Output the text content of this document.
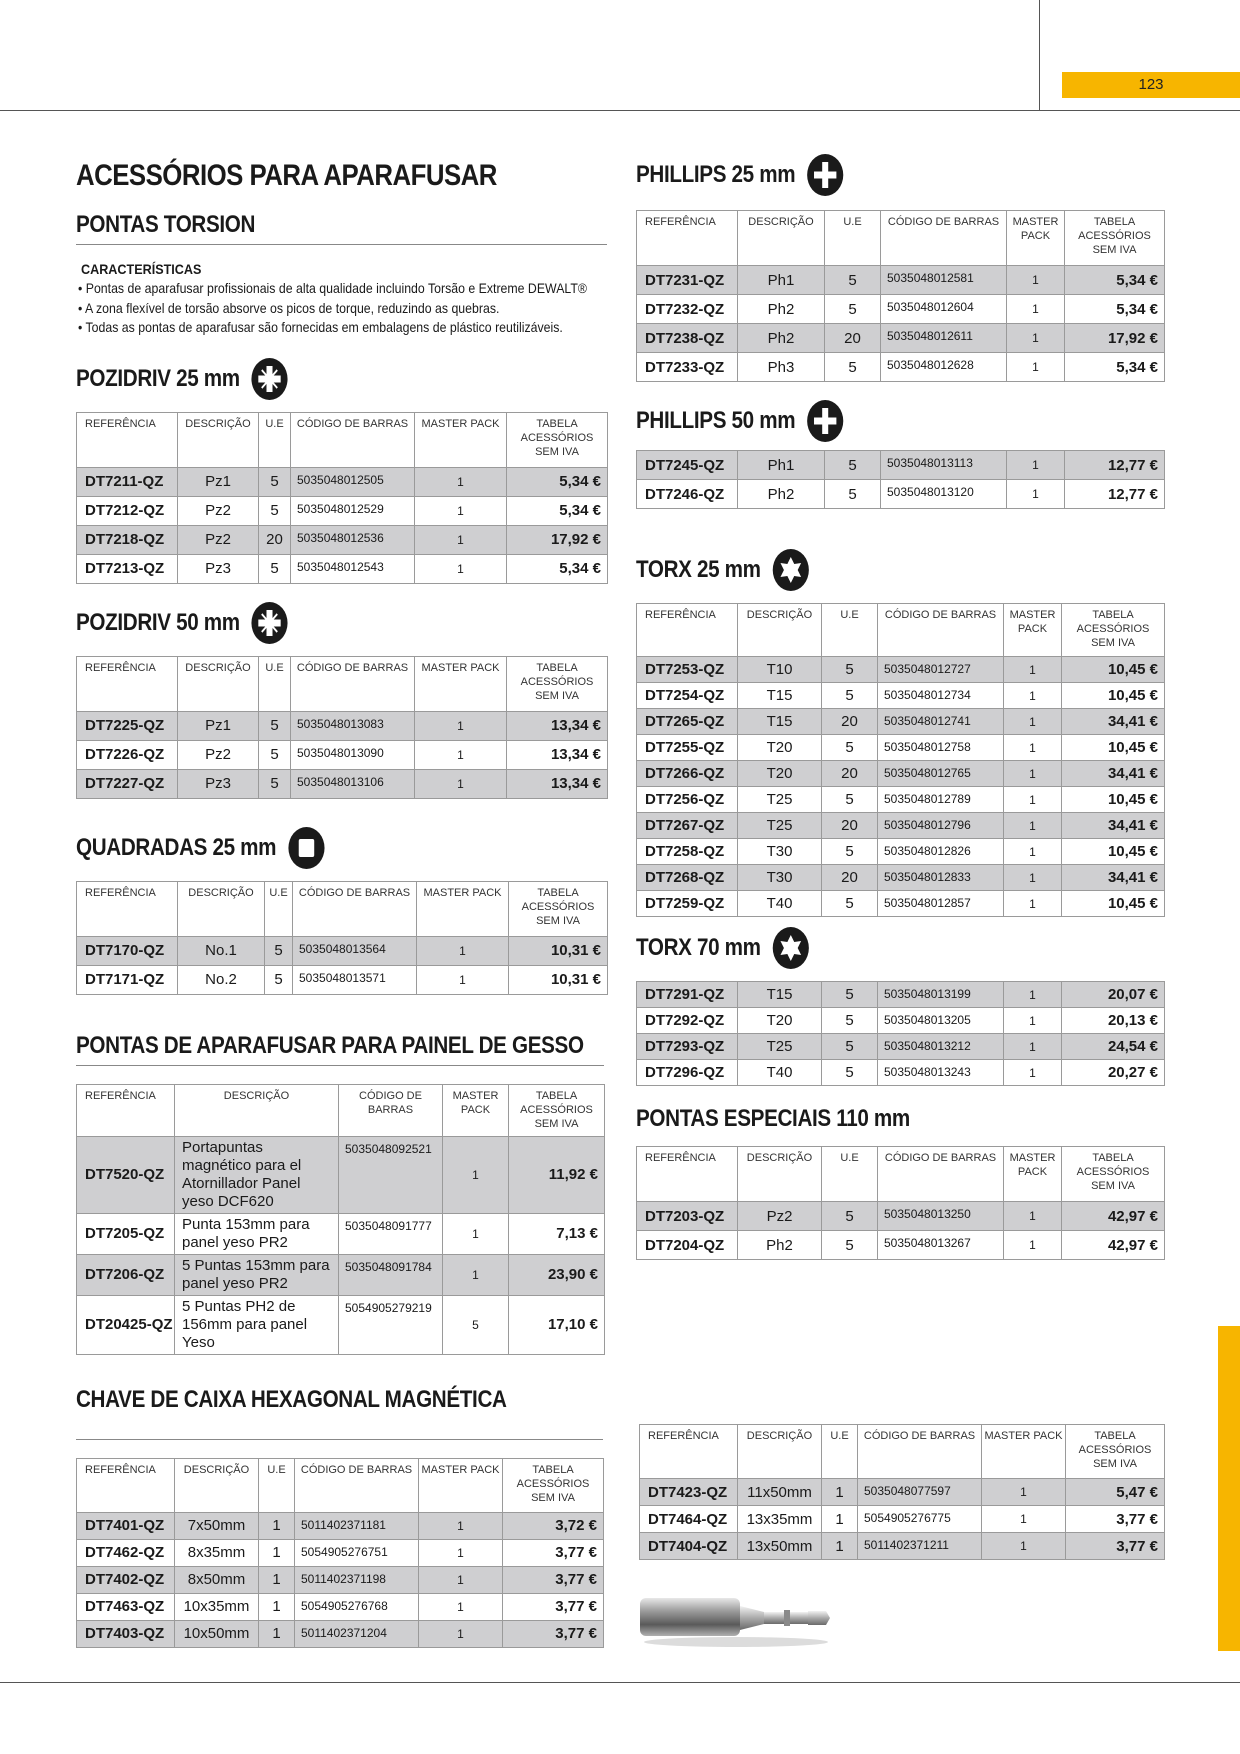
123
ACESSÓRIOS PARA APARAFUSAR
PONTAS TORSION
CARACTERÍSTICAS
• Pontas de aparafusar profissionais de alta qualidade incluindo Torsão e Extreme DEWALT®
• A zona flexível de torsão absorve os picos de torque, reduzindo as quebras.
• Todas as pontas de aparafusar são fornecidas em embalagens de plástico reutilizáveis.
POZIDRIV 25 mm
REFERÊNCIA	DESCRIÇÃO	U.E	CÓDIGO DE BARRAS	MASTER PACK	TABELA ACESSÓRIOS SEM IVA
DT7211-QZ	Pz1	5	5035048012505	1	5,34 €
DT7212-QZ	Pz2	5	5035048012529	1	5,34 €
DT7218-QZ	Pz2	20	5035048012536	1	17,92 €
DT7213-QZ	Pz3	5	5035048012543	1	5,34 €
POZIDRIV 50 mm
REFERÊNCIA	DESCRIÇÃO	U.E	CÓDIGO DE BARRAS	MASTER PACK	TABELA ACESSÓRIOS SEM IVA
DT7225-QZ	Pz1	5	5035048013083	1	13,34 €
DT7226-QZ	Pz2	5	5035048013090	1	13,34 €
DT7227-QZ	Pz3	5	5035048013106	1	13,34 €
QUADRADAS 25 mm
REFERÊNCIA	DESCRIÇÃO	U.E	CÓDIGO DE BARRAS	MASTER PACK	TABELA ACESSÓRIOS SEM IVA
DT7170-QZ	No.1	5	5035048013564	1	10,31 €
DT7171-QZ	No.2	5	5035048013571	1	10,31 €
PONTAS DE APARAFUSAR PARA PAINEL DE GESSO
REFERÊNCIA	DESCRIÇÃO	CÓDIGO DE BARRAS	MASTER PACK	TABELA ACESSÓRIOS SEM IVA
DT7520-QZ	Portapuntas magnético para el Atornillador Panel yeso DCF620	5035048092521	1	11,92 €
DT7205-QZ	Punta 153mm para panel yeso PR2	5035048091777	1	7,13 €
DT7206-QZ	5 Puntas 153mm para panel yeso PR2	5035048091784	1	23,90 €
DT20425-QZ	5 Puntas PH2 de 156mm para panel Yeso	5054905279219	5	17,10 €
CHAVE DE CAIXA HEXAGONAL MAGNÉTICA
REFERÊNCIA	DESCRIÇÃO	U.E	CÓDIGO DE BARRAS	MASTER PACK	TABELA ACESSÓRIOS SEM IVA
DT7401-QZ	7x50mm	1	5011402371181	1	3,72 €
DT7462-QZ	8x35mm	1	5054905276751	1	3,77 €
DT7402-QZ	8x50mm	1	5011402371198	1	3,77 €
DT7463-QZ	10x35mm	1	5054905276768	1	3,77 €
DT7403-QZ	10x50mm	1	5011402371204	1	3,77 €
PHILLIPS 25 mm
REFERÊNCIA	DESCRIÇÃO	U.E	CÓDIGO DE BARRAS	MASTER PACK	TABELA ACESSÓRIOS SEM IVA
DT7231-QZ	Ph1	5	5035048012581	1	5,34 €
DT7232-QZ	Ph2	5	5035048012604	1	5,34 €
DT7238-QZ	Ph2	20	5035048012611	1	17,92 €
DT7233-QZ	Ph3	5	5035048012628	1	5,34 €
PHILLIPS 50 mm
DT7245-QZ	Ph1	5	5035048013113	1	12,77 €
DT7246-QZ	Ph2	5	5035048013120	1	12,77 €
TORX 25 mm
REFERÊNCIA	DESCRIÇÃO	U.E	CÓDIGO DE BARRAS	MASTER PACK	TABELA ACESSÓRIOS SEM IVA
DT7253-QZ	T10	5	5035048012727	1	10,45 €
DT7254-QZ	T15	5	5035048012734	1	10,45 €
DT7265-QZ	T15	20	5035048012741	1	34,41 €
DT7255-QZ	T20	5	5035048012758	1	10,45 €
DT7266-QZ	T20	20	5035048012765	1	34,41 €
DT7256-QZ	T25	5	5035048012789	1	10,45 €
DT7267-QZ	T25	20	5035048012796	1	34,41 €
DT7258-QZ	T30	5	5035048012826	1	10,45 €
DT7268-QZ	T30	20	5035048012833	1	34,41 €
DT7259-QZ	T40	5	5035048012857	1	10,45 €
TORX 70 mm
DT7291-QZ	T15	5	5035048013199	1	20,07 €
DT7292-QZ	T20	5	5035048013205	1	20,13 €
DT7293-QZ	T25	5	5035048013212	1	24,54 €
DT7296-QZ	T40	5	5035048013243	1	20,27 €
PONTAS ESPECIAIS 110 mm
REFERÊNCIA	DESCRIÇÃO	U.E	CÓDIGO DE BARRAS	MASTER PACK	TABELA ACESSÓRIOS SEM IVA
DT7203-QZ	Pz2	5	5035048013250	1	42,97 €
DT7204-QZ	Ph2	5	5035048013267	1	42,97 €
REFERÊNCIA	DESCRIÇÃO	U.E	CÓDIGO DE BARRAS	MASTER PACK	TABELA ACESSÓRIOS SEM IVA
DT7423-QZ	11x50mm	1	5035048077597	1	5,47 €
DT7464-QZ	13x35mm	1	5054905276775	1	3,77 €
DT7404-QZ	13x50mm	1	5011402371211	1	3,77 €
